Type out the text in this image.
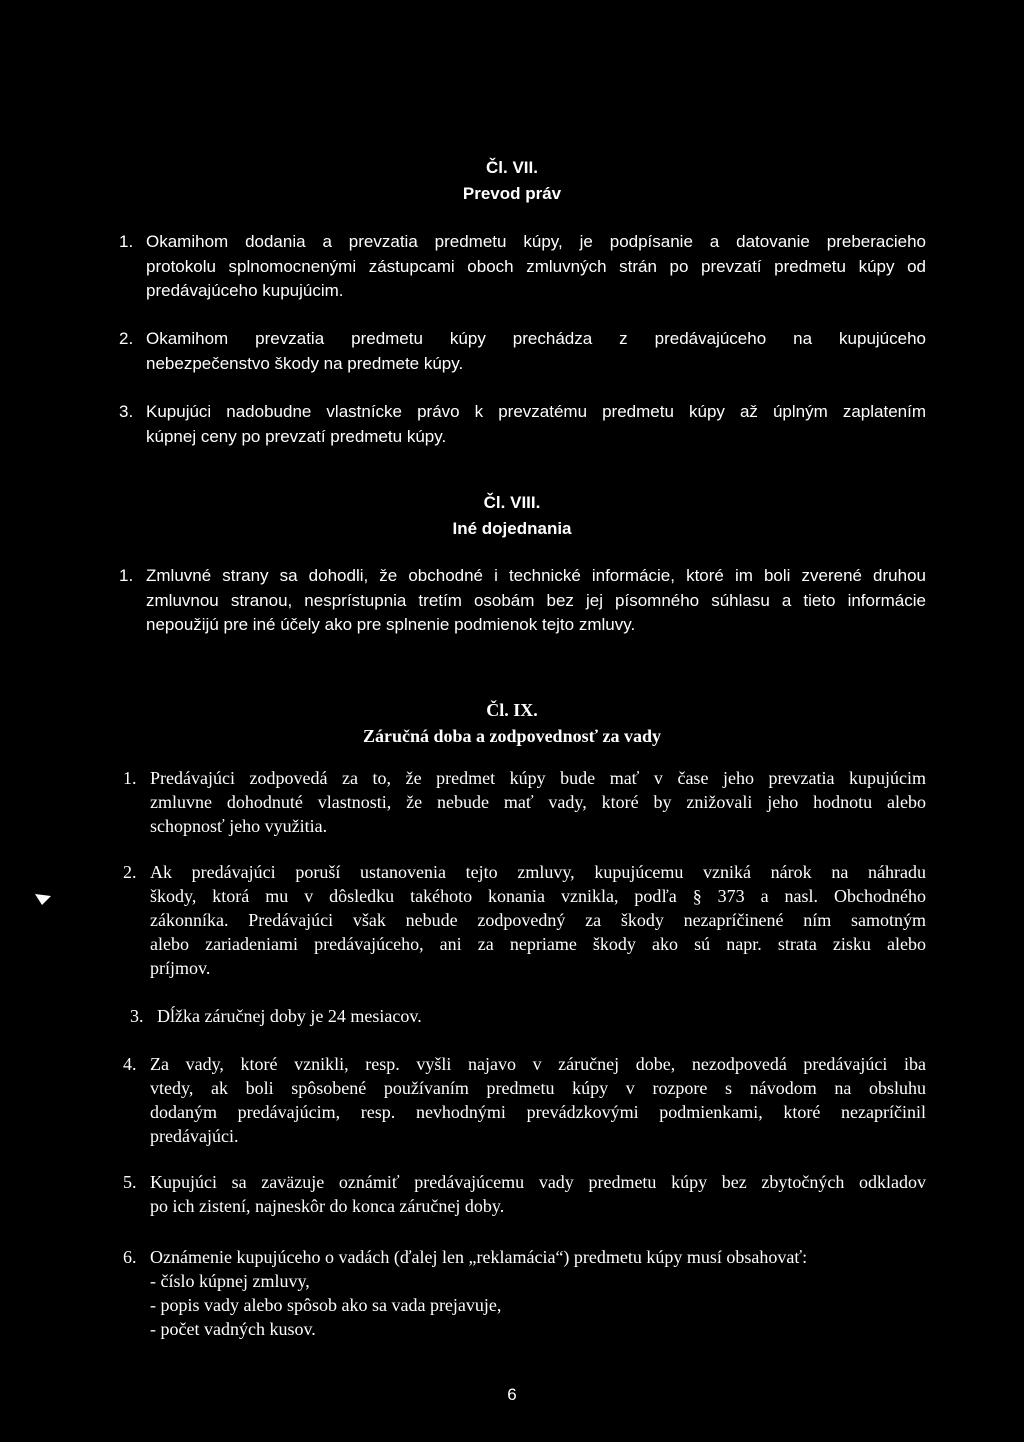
Čl. VII.
Prevod práv
1. Okamihom dodania a prevzatia predmetu kúpy, je podpísanie a datovanie preberacieho
protokolu splnomocnenými zástupcami oboch zmluvných strán po prevzatí predmetu kúpy od
predávajúceho kupujúcim.
2. Okamihom prevzatia predmetu kúpy prechádza z predávajúceho na kupujúceho
nebezpečenstvo škody na predmete kúpy.
3. Kupujúci nadobudne vlastnícke právo k prevzatému predmetu kúpy až úplným zaplatením
kúpnej ceny po prevzatí predmetu kúpy.
Čl. VIII.
Iné dojednania
1. Zmluvné strany sa dohodli, že obchodné i technické informácie, ktoré im boli zverené druhou
zmluvnou stranou, nesprístupnia tretím osobám bez jej písomného súhlasu a tieto informácie
nepoužijú pre iné účely ako pre splnenie podmienok tejto zmluvy.
Čl. IX.
Záručná doba a zodpovednosť za vady
1. Predávajúci zodpovedá za to, že predmet kúpy bude mať v čase jeho prevzatia kupujúcim
zmluvne dohodnuté vlastnosti, že nebude mať vady, ktoré by znižovali jeho hodnotu alebo
schopnosť jeho využitia.
2. Ak predávajúci poruší ustanovenia tejto zmluvy, kupujúcemu vzniká nárok na náhradu
škody, ktorá mu v dôsledku takéhoto konania vznikla, podľa § 373 a nasl. Obchodného
zákonníka. Predávajúci však nebude zodpovedný za škody nezapríčinené ním samotným
alebo zariadeniami predávajúceho, ani za nepriame škody ako sú napr. strata zisku alebo
príjmov.
3. Dĺžka záručnej doby je 24 mesiacov.
4. Za vady, ktoré vznikli, resp. vyšli najavo v záručnej dobe, nezodpovedá predávajúci iba
vtedy, ak boli spôsobené používaním predmetu kúpy v rozpore s návodom na obsluhu
dodaným predávajúcim, resp. nevhodnými prevádzkovými podmienkami, ktoré nezapríčinil
predávajúci.
5. Kupujúci sa zaväzuje oznámiť predávajúcemu vady predmetu kúpy bez zbytočných odkladov
po ich zistení, najneskôr do konca záručnej doby.
6. Oznámenie kupujúceho o vadách (ďalej len „reklamácia“) predmetu kúpy musí obsahovať:
- číslo kúpnej zmluvy,
- popis vady alebo spôsob ako sa vada prejavuje,
- počet vadných kusov.
6
